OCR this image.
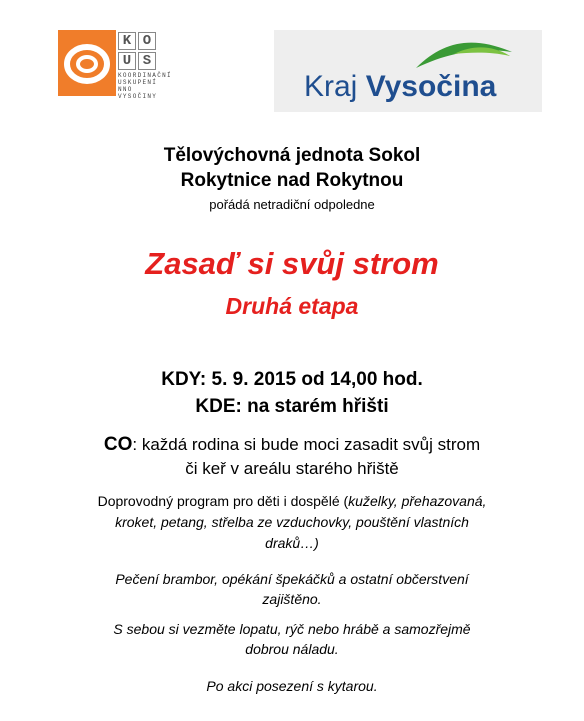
K O
U S
KOORDINAČNÍ
USKUPENÍ
NNO VYSOČINY	Kraj Vysočina
Tělovýchovná jednota Sokol
Rokytnice nad Rokytnou
pořádá netradiční odpoledne
Zasaď si svůj strom
Druhá etapa
KDY: 5. 9. 2015 od 14,00 hod.
KDE: na starém hřišti
CO: každá rodina si bude moci zasadit svůj strom
či keř v areálu starého hřiště
Doprovodný program pro děti i dospělé (kuželky, přehazovaná,
kroket, petang, střelba ze vzduchovky, pouštění vlastních
draků…)
Pečení brambor, opékání špekáčků a ostatní občerstvení
zajištěno.
S sebou si vezměte lopatu, rýč nebo hrábě a samozřejmě
dobrou náladu.
Po akci posezení s kytarou.
